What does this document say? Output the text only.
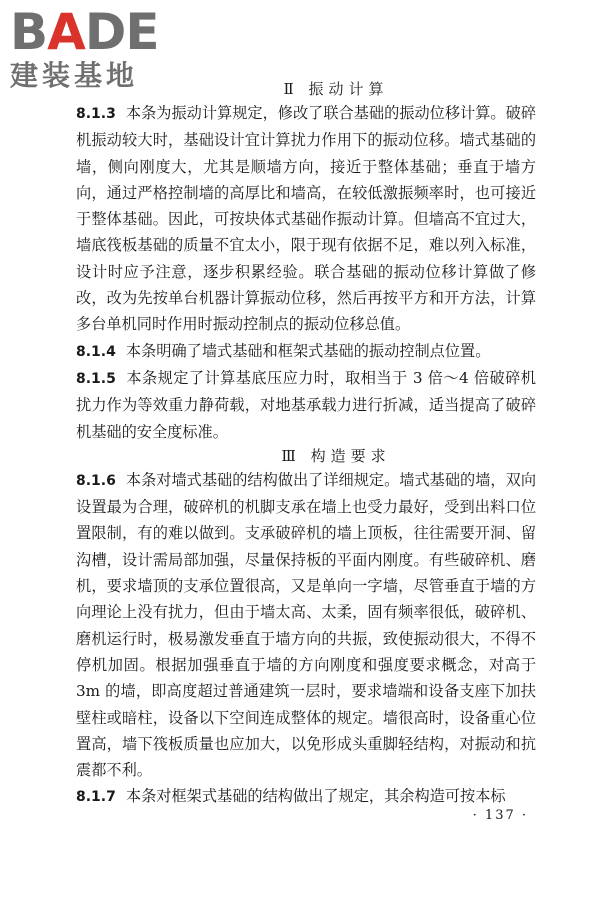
BADE
建装基地	Ⅱ 振动计算

8.1.3 本条为振动计算规定，修改了联合基础的振动位移计算。破碎机振动较大时，基础设计宜计算扰力作用下的振动位移。墙式基础的墙，侧向刚度大，尤其是顺墙方向，接近于整体基础；垂直于墙方向，通过严格控制墙的高厚比和墙高，在较低激振频率时，也可接近于整体基础。因此，可按块体式基础作振动计算。但墙高不宜过大，墙底筏板基础的质量不宜太小，限于现有依据不足，难以列入标准，设计时应予注意，逐步积累经验。联合基础的振动位移计算做了修改，改为先按单台机器计算振动位移，然后再按平方和开方法，计算多台单机同时作用时振动控制点的振动位移总值。

8.1.4 本条明确了墙式基础和框架式基础的振动控制点位置。

8.1.5 本条规定了计算基底压应力时，取相当于 3 倍～4 倍破碎机扰力作为等效重力静荷载，对地基承载力进行折减，适当提高了破碎机基础的安全度标准。

Ⅲ 构造要求

8.1.6 本条对墙式基础的结构做出了详细规定。墙式基础的墙，双向设置最为合理，破碎机的机脚支承在墙上也受力最好，受到出料口位置限制，有的难以做到。支承破碎机的墙上顶板，往往需要开洞、留沟槽，设计需局部加强，尽量保持板的平面内刚度。有些破碎机、磨机，要求墙顶的支承位置很高，又是单向一字墙，尽管垂直于墙的方向理论上没有扰力，但由于墙太高、太柔，固有频率很低，破碎机、磨机运行时，极易激发垂直于墙方向的共振，致使振动很大，不得不停机加固。根据加强垂直于墙的方向刚度和强度要求概念，对高于 3m 的墙，即高度超过普通建筑一层时，要求墙端和设备支座下加扶壁柱或暗柱，设备以下空间连成整体的规定。墙很高时，设备重心位置高，墙下筏板质量也应加大，以免形成头重脚轻结构，对振动和抗震都不利。

8.1.7 本条对框架式基础的结构做出了规定，其余构造可按本标

· 137 ·
